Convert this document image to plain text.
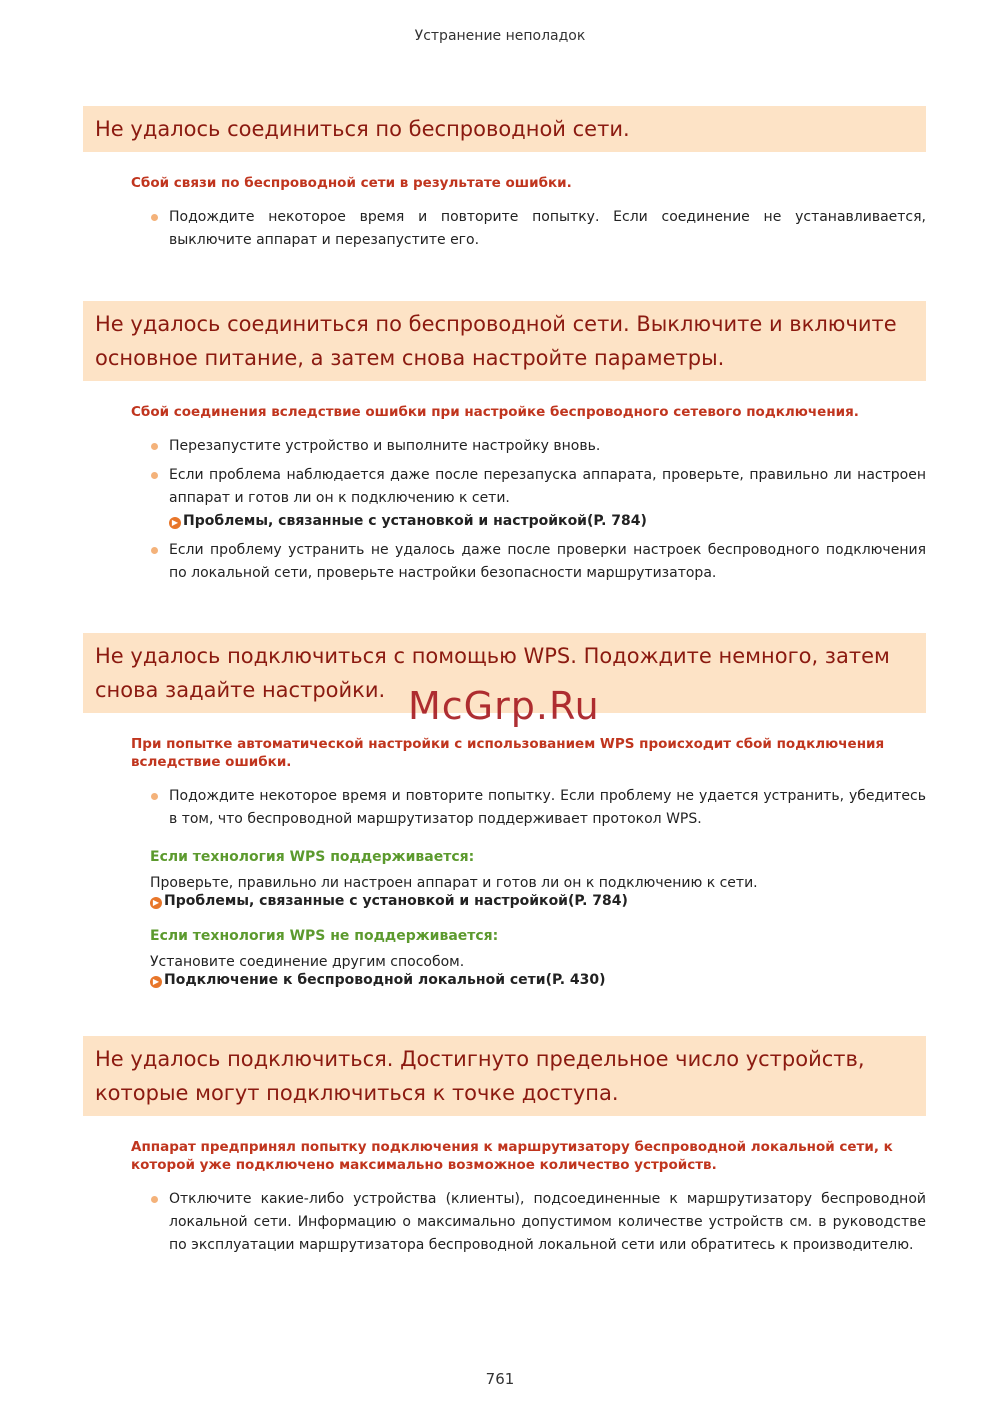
Устранение неполадок
Не удалось соединиться по беспроводной сети.
Сбой связи по беспроводной сети в результате ошибки.
Подождите некоторое время и повторите попытку. Если соединение не устанавливается, выключите аппарат и перезапустите его.
Не удалось соединиться по беспроводной сети. Выключите и включите основное питание, а затем снова настройте параметры.
Сбой соединения вследствие ошибки при настройке беспроводного сетевого подключения.
Перезапустите устройство и выполните настройку вновь.
Если проблема наблюдается даже после перезапуска аппарата, проверьте, правильно ли настроен аппарат и готов ли он к подключению к сети.
▶ Проблемы, связанные с установкой и настройкой(P. 784)
Если проблему устранить не удалось даже после проверки настроек беспроводного подключения по локальной сети, проверьте настройки безопасности маршрутизатора.
Не удалось подключиться с помощью WPS. Подождите немного, затем снова задайте настройки.
При попытке автоматической настройки с использованием WPS происходит сбой подключения вследствие ошибки.
Подождите некоторое время и повторите попытку. Если проблему не удается устранить, убедитесь в том, что беспроводной маршрутизатор поддерживает протокол WPS.
Если технология WPS поддерживается:
Проверьте, правильно ли настроен аппарат и готов ли он к подключению к сети.
▶ Проблемы, связанные с установкой и настройкой(P. 784)
Если технология WPS не поддерживается:
Установите соединение другим способом.
▶ Подключение к беспроводной локальной сети(P. 430)
Не удалось подключиться. Достигнуто предельное число устройств, которые могут подключиться к точке доступа.
Аппарат предпринял попытку подключения к маршрутизатору беспроводной локальной сети, к которой уже подключено максимально возможное количество устройств.
Отключите какие-либо устройства (клиенты), подсоединенные к маршрутизатору беспроводной локальной сети. Информацию о максимально допустимом количестве устройств см. в руководстве по эксплуатации маршрутизатора беспроводной локальной сети или обратитесь к производителю.
McGrp.Ru
761
